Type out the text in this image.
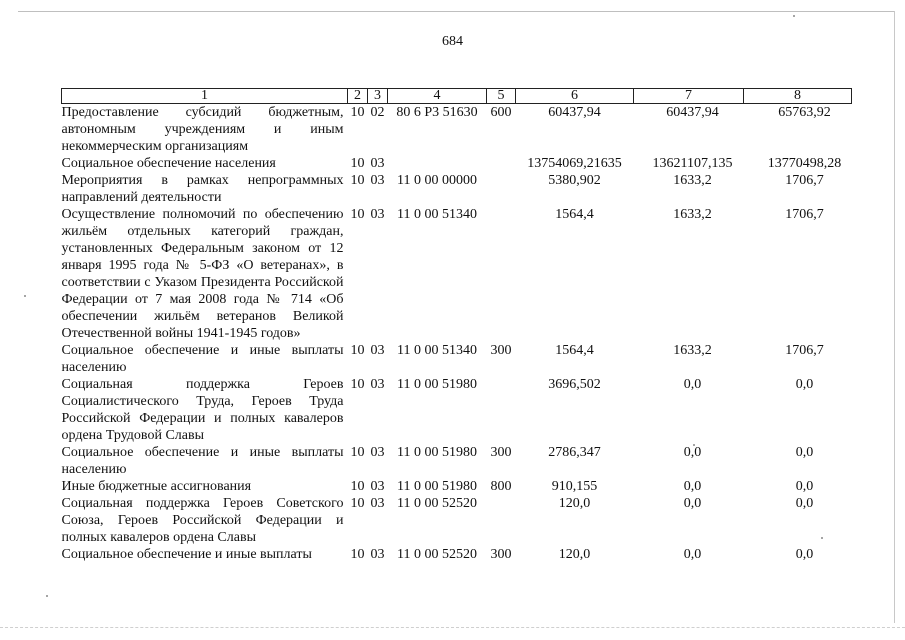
684
1	2	3	4	5	6	7	8
Предоставление субсидий бюджетным, автономным учреждениям и иным некоммерческим организациям	10	02	80 6 P3 51630	600	60437,94	60437,94	65763,92
Социальное обеспечение населения	10	03			13754069,21635	13621107,135	13770498,28
Мероприятия в рамках непрограммных направлений деятельности	10	03	11 0 00 00000		5380,902	1633,2	1706,7
Осуществление полномочий по обеспечению жильём отдельных категорий граждан, установленных Федеральным законом от 12 января 1995 года № 5-ФЗ «О ветеранах», в соответствии с Указом Президента Российской Федерации от 7 мая 2008 года № 714 «Об обеспечении жильём ветеранов Великой Отечественной войны 1941-1945 годов»	10	03	11 0 00 51340		1564,4	1633,2	1706,7
Социальное обеспечение и иные выплаты населению	10	03	11 0 00 51340	300	1564,4	1633,2	1706,7
Социальная поддержка Героев Социалистического Труда, Героев Труда Российской Федерации и полных кавалеров ордена Трудовой Славы	10	03	11 0 00 51980		3696,502	0,0	0,0
Социальное обеспечение и иные выплаты населению	10	03	11 0 00 51980	300	2786,347	0,0	0,0
Иные бюджетные ассигнования	10	03	11 0 00 51980	800	910,155	0,0	0,0
Социальная поддержка Героев Советского Союза, Героев Российской Федерации и полных кавалеров ордена Славы	10	03	11 0 00 52520		120,0	0,0	0,0
Социальное обеспечение и иные выплаты	10	03	11 0 00 52520	300	120,0	0,0	0,0
